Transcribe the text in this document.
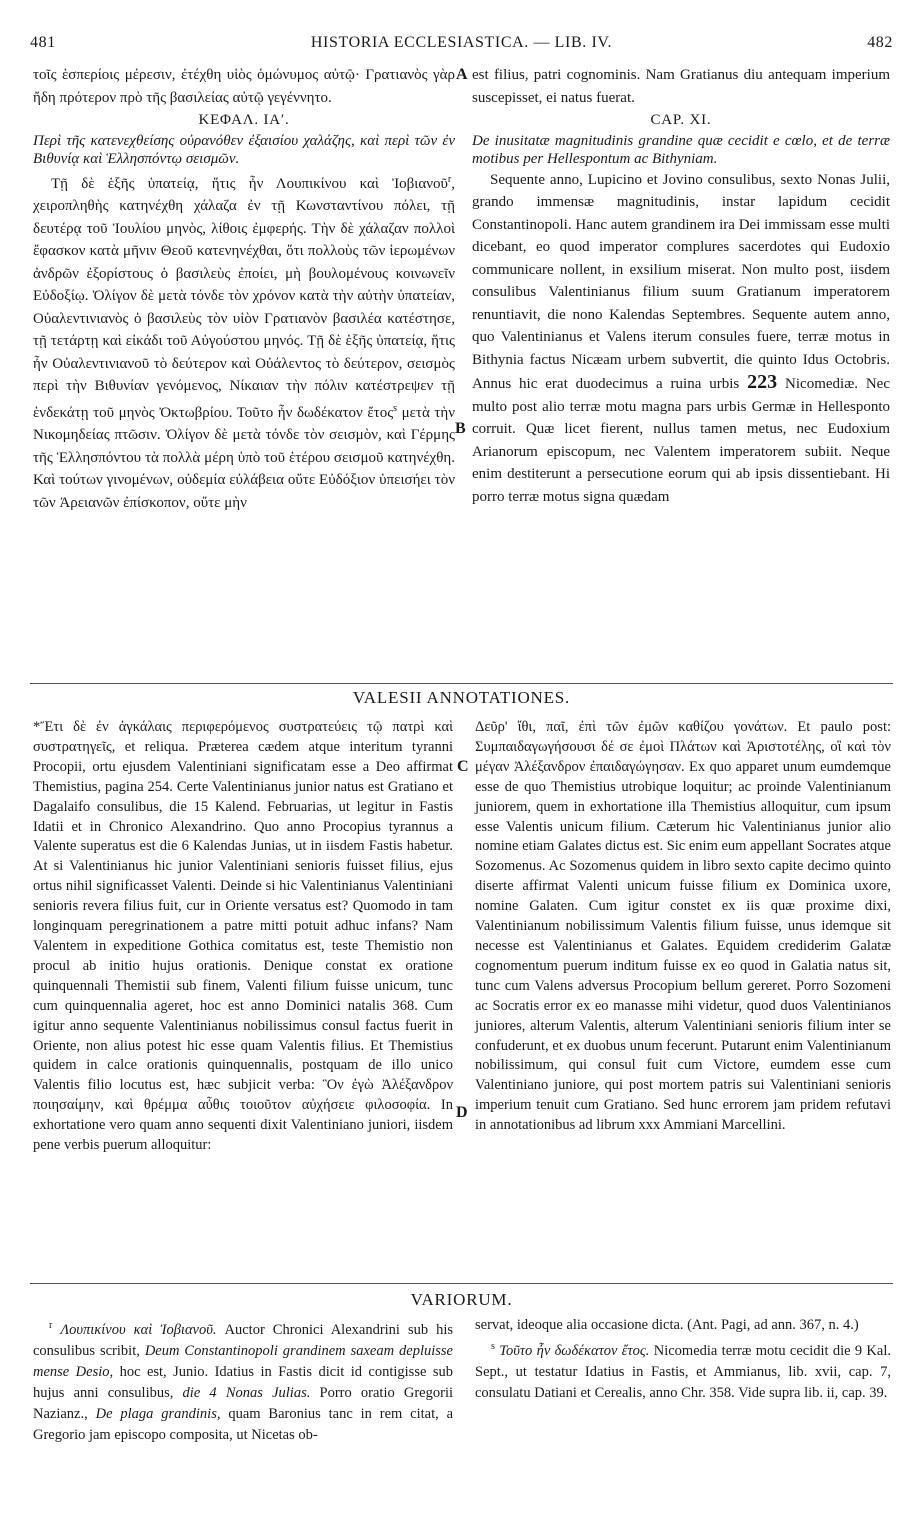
481	HISTORIA ECCLESIASTICA. — LIB. IV.	482

τοῖς ἑσπερίοις μέρεσιν, ἐτέχθη υἱὸς ὁμώνυμος αὐτῷ· Γρατιανὸς γὰρ ἤδη πρότερον πρὸ τῆς βασιλείας αὐτῷ γεγέννητο.

ΚΕΦΑΛ. ΙΑʹ.

Περὶ τῆς κατενεχθείσης οὐρανόθεν ἐξαισίου χαλάζης, καὶ περὶ τῶν ἐν Βιθυνίᾳ καὶ Ἑλλησπόντῳ σεισμῶν.

Τῇ δὲ ἑξῆς ὑπατείᾳ, ἥτις ἦν Λουπικίνου καὶ Ἰοβιανοῦ$^r$, χειροπληθὴς κατηνέχθη χάλαζα ἐν τῇ Κωνσταντίνου πόλει, τῇ δευτέρᾳ τοῦ Ἰουλίου μηνὸς, λίθοις ἐμφερής. Τὴν δὲ χάλαζαν πολλοὶ ἔφασκον κατὰ μῆνιν Θεοῦ κατενηνέχθαι, ὅτι πολλοὺς τῶν ἱερωμένων ἀνδρῶν ἐξορίστους ὁ βασιλεὺς ἐποίει, μὴ βουλομένους κοινωνεῖν Εὐδοξίῳ. Ὀλίγον δὲ μετὰ τόνδε τὸν χρόνον κατὰ τὴν αὐτὴν ὑπατείαν, Οὐαλεντινιανὸς ὁ βασιλεὺς τὸν υἱὸν Γρατιανὸν βασιλέα κατέστησε, τῇ τετάρτῃ καὶ εἰκάδι τοῦ Αὐγούστου μηνός. Τῇ δὲ ἑξῆς ὑπατείᾳ, ἥτις ἦν Οὐαλεντινιανοῦ τὸ δεύτερον καὶ Οὐάλεντος τὸ δεύτερον, σεισμὸς περὶ τὴν Βιθυνίαν γενόμενος, Νίκαιαν τὴν πόλιν κατέστρεψεν τῇ ἑνδεκάτῃ τοῦ μηνὸς Ὀκτωβρίου. Τοῦτο ἦν δωδέκατον ἔτος$^s$ μετὰ τὴν Νικομηδείας πτῶσιν. Ὀλίγον δὲ μετὰ τόνδε τὸν σεισμὸν, καὶ Γέρμης τῆς Ἑλλησπόντου τὰ πολλὰ μέρη ὑπὸ τοῦ ἑτέρου σεισμοῦ κατηνέχθη. Καὶ τούτων γινομένων, οὐδεμία εὐλάβεια οὔτε Εὐδόξιον ὑπεισήει τὸν τῶν Ἀρειανῶν ἐπίσκοπον, οὔτε μὴν

est filius, patri cognominis. Nam Gratianus diu antequam imperium suscepisset, ei natus fuerat.

CAP. XI.

De inusitatæ magnitudinis grandine quæ cecidit e cœlo, et de terræ motibus per Hellespontum ac Bithyniam.

Sequente anno, Lupicino et Jovino consulibus, sexto Nonas Julii, grando immensæ magnitudinis, instar lapidum cecidit Constantinopoli. Hanc autem grandinem ira Dei immissam esse multi dicebant, eo quod imperator complures sacerdotes qui Eudoxio communicare nollent, in exsilium miserat. Non multo post, iisdem consulibus Valentinianus filium suum Gratianum imperatorem renuntiavit, die nono Kalendas Septembres. Sequente autem anno, quo Valentinianus et Valens iterum consules fuere, terræ motus in Bithynia factus Nicæam urbem subvertit, die quinto Idus Octobris. Annus hic erat duodecimus a ruina urbis 223 Nicomediæ. Nec multo post alio terræ motu magna pars urbis Germæ in Hellesponto corruit. Quæ licet fierent, nullus tamen metus, nec Eudoxium Arianorum episcopum, nec Valentem imperatorem subiit. Neque enim destiterunt a persecutione eorum qui ab ipsis dissentiebant. Hi porro terræ motus signa quædam

A
B
C
D
VALESII ANNOTATIONES.

*Ἔτι δὲ ἐν ἀγκάλαις περιφερόμενος συστρατεύεις τῷ πατρὶ καὶ συστρατηγεῖς, et reliqua. Præterea cædem atque interitum tyranni Procopii, ortu ejusdem Valentiniani significatam esse a Deo affirmat Themistius, pagina 254. Certe Valentinianus junior natus est Gratiano et Dagalaifo consulibus, die 15 Kalend. Februarias, ut legitur in Fastis Idatii et in Chronico Alexandrino. Quo anno Procopius tyrannus a Valente superatus est die 6 Kalendas Junias, ut in iisdem Fastis habetur. At si Valentinianus hic junior Valentiniani senioris fuisset filius, ejus ortus nihil significasset Valenti. Deinde si hic Valentinianus Valentiniani senioris revera filius fuit, cur in Oriente versatus est? Quomodo in tam longinquam peregrinationem a patre mitti potuit adhuc infans? Nam Valentem in expeditione Gothica comitatus est, teste Themistio non procul ab initio hujus orationis. Denique constat ex oratione quinquennali Themistii sub finem, Valenti filium fuisse unicum, tunc cum quinquennalia ageret, hoc est anno Dominici natalis 368. Cum igitur anno sequente Valentinianus nobilissimus consul factus fuerit in Oriente, non alius potest hic esse quam Valentis filius. Et Themistius quidem in calce orationis quinquennalis, postquam de illo unico Valentis filio locutus est, hæc subjicit verba: Ὃν ἐγὼ Ἀλέξανδρον ποιησαίμην, καὶ θρέμμα αὖθις τοιοῦτον αὐχήσειε φιλοσοφία. In exhortatione vero quam anno sequenti dixit Valentiniano juniori, iisdem pene verbis puerum alloquitur:

Δεῦρ' ἴθι, παῖ, ἐπὶ τῶν ἐμῶν καθίζου γονάτων. Et paulo post: Συμπαιδαγωγήσουσι δέ σε ἐμοὶ Πλάτων καὶ Ἀριστοτέλης, οἳ καὶ τὸν μέγαν Ἀλέξανδρον ἐπαιδαγώγησαν. Ex quo apparet unum eumdemque esse de quo Themistius utrobique loquitur; ac proinde Valentinianum juniorem, quem in exhortatione illa Themistius alloquitur, cum ipsum esse Valentis unicum filium. Cæterum hic Valentinianus junior alio nomine etiam Galates dictus est. Sic enim eum appellant Socrates atque Sozomenus. Ac Sozomenus quidem in libro sexto capite decimo quinto diserte affirmat Valenti unicum fuisse filium ex Dominica uxore, nomine Galaten. Cum igitur constet ex iis quæ proxime dixi, Valentinianum nobilissimum Valentis filium fuisse, unus idemque sit necesse est Valentinianus et Galates. Equidem crediderim Galatæ cognomentum puerum inditum fuisse ex eo quod in Galatia natus sit, tunc cum Valens adversus Procopium bellum gereret. Porro Sozomeni ac Socratis error ex eo manasse mihi videtur, quod duos Valentinianos juniores, alterum Valentis, alterum Valentiniani senioris filium inter se confuderunt, et ex duobus unum fecerunt. Putarunt enim Valentinianum nobilissimum, qui consul fuit cum Victore, eumdem esse cum Valentiniano juniore, qui post mortem patris sui Valentiniani senioris imperium tenuit cum Gratiano. Sed hunc errorem jam pridem refutavi in annotationibus ad librum xxx Ammiani Marcellini.

VARIORUM.

$^r$ Λουπικίνου καὶ Ἰοβιανοῦ. Auctor Chronici Alexandrini sub his consulibus scribit, Deum Constantinopoli grandinem saxeam depluisse mense Desio, hoc est, Junio. Idatius in Fastis dicit id contigisse sub hujus anni consulibus, die 4 Nonas Julias. Porro oratio Gregorii Nazianz., De plaga grandinis, quam Baronius tanc in rem citat, a Gregorio jam episcopo composita, ut Nicetas ob-

servat, ideoque alia occasione dicta. (Ant. Pagi, ad ann. 367, n. 4.)

$^s$ Τοῦτο ἦν δωδέκατον ἔτος. Nicomedia terræ motu cecidit die 9 Kal. Sept., ut testatur Idatius in Fastis, et Ammianus, lib. xvii, cap. 7, consulatu Datiani et Cerealis, anno Chr. 358. Vide supra lib. ii, cap. 39.
